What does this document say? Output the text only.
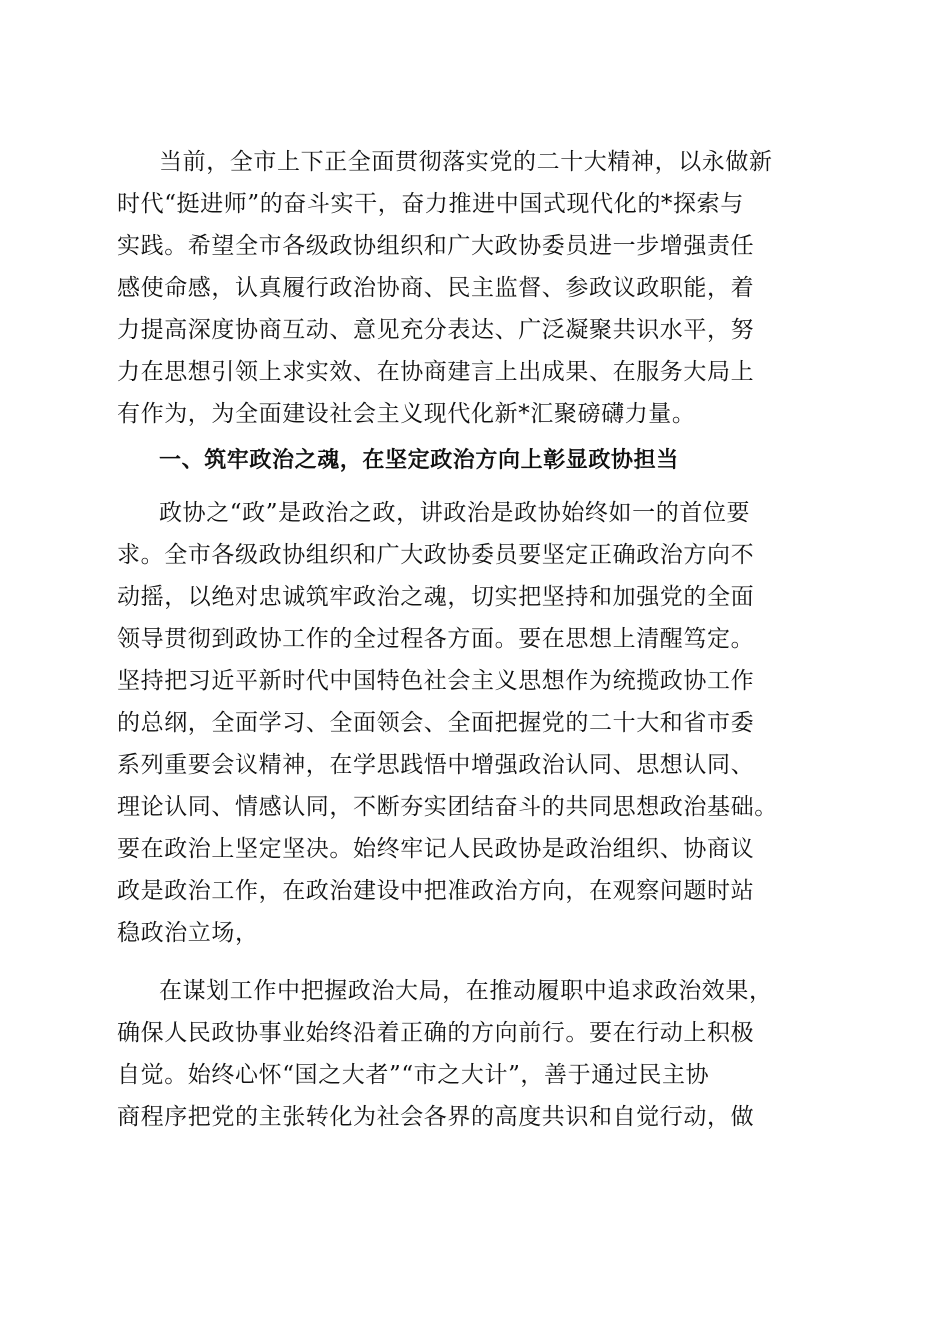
当前，全市上下正全面贯彻落实党的二十大精神，以永做新
时代“挺进师”的奋斗实干，奋力推进中国式现代化的*探索与
实践。希望全市各级政协组织和广大政协委员进一步增强责任
感使命感，认真履行政治协商、民主监督、参政议政职能，着
力提高深度协商互动、意见充分表达、广泛凝聚共识水平，努
力在思想引领上求实效、在协商建言上出成果、在服务大局上
有作为，为全面建设社会主义现代化新*汇聚磅礴力量。
一、筑牢政治之魂，在坚定政治方向上彰显政协担当
政协之“政”是政治之政，讲政治是政协始终如一的首位要
求。全市各级政协组织和广大政协委员要坚定正确政治方向不
动摇，以绝对忠诚筑牢政治之魂，切实把坚持和加强党的全面
领导贯彻到政协工作的全过程各方面。要在思想上清醒笃定。
坚持把习近平新时代中国特色社会主义思想作为统揽政协工作
的总纲，全面学习、全面领会、全面把握党的二十大和省市委
系列重要会议精神，在学思践悟中增强政治认同、思想认同、
理论认同、情感认同，不断夯实团结奋斗的共同思想政治基础。
要在政治上坚定坚决。始终牢记人民政协是政治组织、协商议
政是政治工作，在政治建设中把准政治方向，在观察问题时站
稳政治立场，
在谋划工作中把握政治大局，在推动履职中追求政治效果，
确保人民政协事业始终沿着正确的方向前行。要在行动上积极
自觉。始终心怀“国之大者”“市之大计”，善于通过民主协
商程序把党的主张转化为社会各界的高度共识和自觉行动，做
